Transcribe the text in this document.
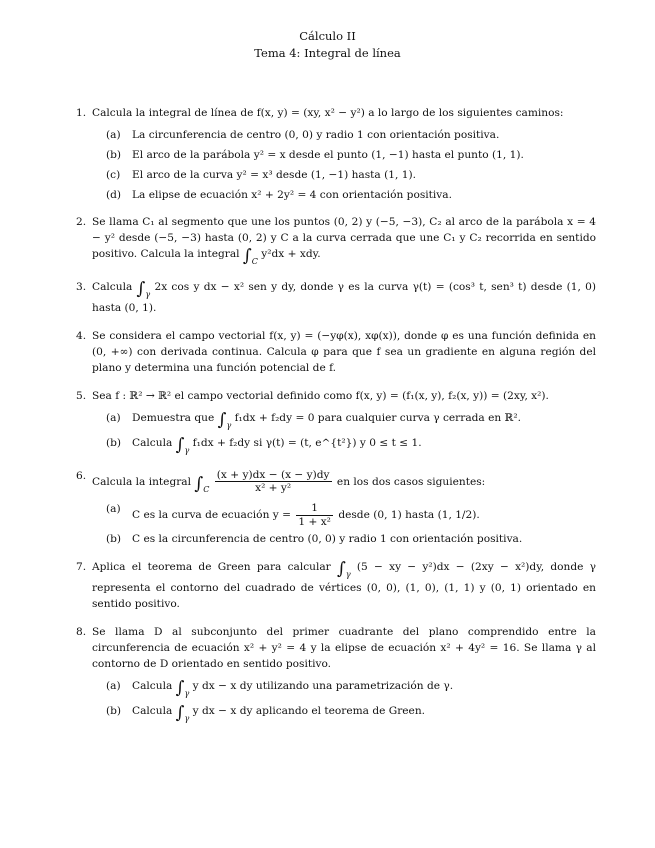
Cálculo II
Tema 4: Integral de línea
1. Calcula la integral de línea de f(x, y) = (xy, x² − y²) a lo largo de los siguientes caminos:
(a) La circunferencia de centro (0, 0) y radio 1 con orientación positiva.
(b) El arco de la parábola y² = x desde el punto (1, −1) hasta el punto (1, 1).
(c) El arco de la curva y² = x³ desde (1, −1) hasta (1, 1).
(d) La elipse de ecuación x² + 2y² = 4 con orientación positiva.
2. Se llama C₁ al segmento que une los puntos (0, 2) y (−5, −3), C₂ al arco de la parábola x = 4 − y² desde (−5, −3) hasta (0, 2) y C a la curva cerrada que une C₁ y C₂ recorrida en sentido positivo. Calcula la integral $\int_C$ y²dx + xdy.
3. Calcula $\int_\gamma$ 2x cos y dx − x² sen y dy, donde γ es la curva γ(t) = (cos³ t, sen³ t) desde (1, 0) hasta (0, 1).
4. Se considera el campo vectorial f(x, y) = (−yφ(x), xφ(x)), donde φ es una función definida en (0, +∞) con derivada continua. Calcula φ para que f sea un gradiente en alguna región del plano y determina una función potencial de f.
5. Sea f : ℝ² → ℝ² el campo vectorial definido como f(x, y) = (f₁(x, y), f₂(x, y)) = (2xy, x²).
(a) Demuestra que $\int_\gamma$ f₁dx + f₂dy = 0 para cualquier curva γ cerrada en ℝ².
(b) Calcula $\int_\gamma$ f₁dx + f₂dy si γ(t) = (t, e^{t²}) y 0 ≤ t ≤ 1.
6.
Calcula la integral $\int_C \frac{(x + y)dx - (x - y)dy}{\text{x² + y²}}$ en los dos casos siguientes:
(a)
C es la curva de ecuación $y = \frac{1}{\text{1 + x²}}$ desde (0, 1) hasta (1, 1/2).
(b) C es la circunferencia de centro (0, 0) y radio 1 con orientación positiva.
7. Aplica el teorema de Green para calcular $\int_\gamma$ (5 − xy − y²)dx − (2xy − x²)dy, donde γ representa el contorno del cuadrado de vértices (0, 0), (1, 0), (1, 1) y (0, 1) orientado en sentido positivo.
8. Se llama D al subconjunto del primer cuadrante del plano comprendido entre la circunferencia de ecuación x² + y² = 4 y la elipse de ecuación x² + 4y² = 16. Se llama γ al contorno de D orientado en sentido positivo.
(a) Calcula $\int_\gamma$ y dx − x dy utilizando una parametrización de γ.
(b) Calcula $\int_\gamma$ y dx − x dy aplicando el teorema de Green.
